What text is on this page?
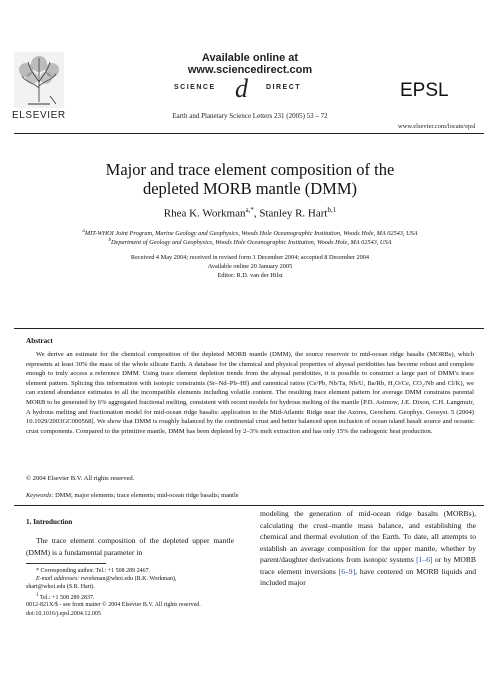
Available online at www.sciencedirect.com
SCIENCE d	DIRECT
ELSEVIER	Earth and Planetary Science Letters 231 (2005) 53 – 72
EPSL
www.elsevier.com/locate/epsl
Major and trace element composition of the
depleted MORB mantle (DMM)
Rhea K. Workman$^{a,*}$, Stanley R. Hart$^{b,1}$
$^a$MIT-WHOI Joint Program, Marine Geology and Geophysics, Woods Hole Oceanographic Institution, Woods Hole, MA 02543, USA
$^b$Department of Geology and Geophysics, Woods Hole Oceanographic Institution, Woods Hole, MA 02543, USA
Received 4 May 2004; received in revised form 1 December 2004; accepted 8 December 2004
Available online 20 January 2005
Editor: R.D. van der Hilst
Abstract
We derive an estimate for the chemical composition of the depleted MORB mantle (DMM), the source reservoir to mid-ocean ridge basalts (MORBs), which represents at least 30% the mass of the whole silicate Earth. A database for the chemical and physical properties of abyssal peridotites has become robust and complete enough to truly access a reference DMM. Using trace element depletion trends from the abyssal peridotites, it is possible to construct a large part of DMM’s trace element pattern. Splicing this information with isotopic constraints (Sr–Nd–Pb–Hf) and canonical ratios (Ce/Pb, Nb/Ta, Nb/U, Ba/Rb, H₂O/Ce, CO₂/Nb and Cl/K), we can extend abundance estimates to all the incompatible elements including volatile content. The resulting trace element pattern for average DMM constrains parental MORB to be generated by 6% aggregated fractional melting, consistent with recent models for hydrous melting of the mantle [P.D. Asimow, J.E. Dixon, C.H. Langmuir, A hydrous melting and fractionation model for mid-ocean ridge basalts: application to the Mid-Atlantic Ridge near the Azores, Geochem. Geophys. Geosyst. 5 (2004) 10.1029/2003GC000568]. We show that DMM is roughly balanced by the continental crust and better balanced upon inclusion of ocean island basalt source and oceanic crust components. Compared to the primitive mantle, DMM has been depleted by 2–3% melt extraction and has only 15% the radiogenic heat production.
© 2004 Elsevier B.V. All rights reserved.
Keywords: DMM; major elements; trace elements; mid-ocean ridge basalts; mantle
1. Introduction
The trace element composition of the depleted upper mantle (DMM) is a fundamental parameter in
modeling the generation of mid-ocean ridge basalts (MORBs), calculating the crust–mantle mass balance, and establishing the chemical and thermal evolution of the Earth. To date, all attempts to establish an average composition for the upper mantle, whether by parent/daughter derivations from isotopic systems [1–6] or by MORB trace element inversions [6–9], have centered on MORB liquids and included major
* Corresponding author. Tel.: +1 508 289 2467.
E-mail addresses: rworkman@whoi.edu (R.K. Workman),
shart@whoi.edu (S.R. Hart).
$^1$ Tel.: +1 508 289 2837.
0012-821X/$ - see front matter © 2004 Elsevier B.V. All rights reserved.
doi:10.1016/j.epsl.2004.12.005
